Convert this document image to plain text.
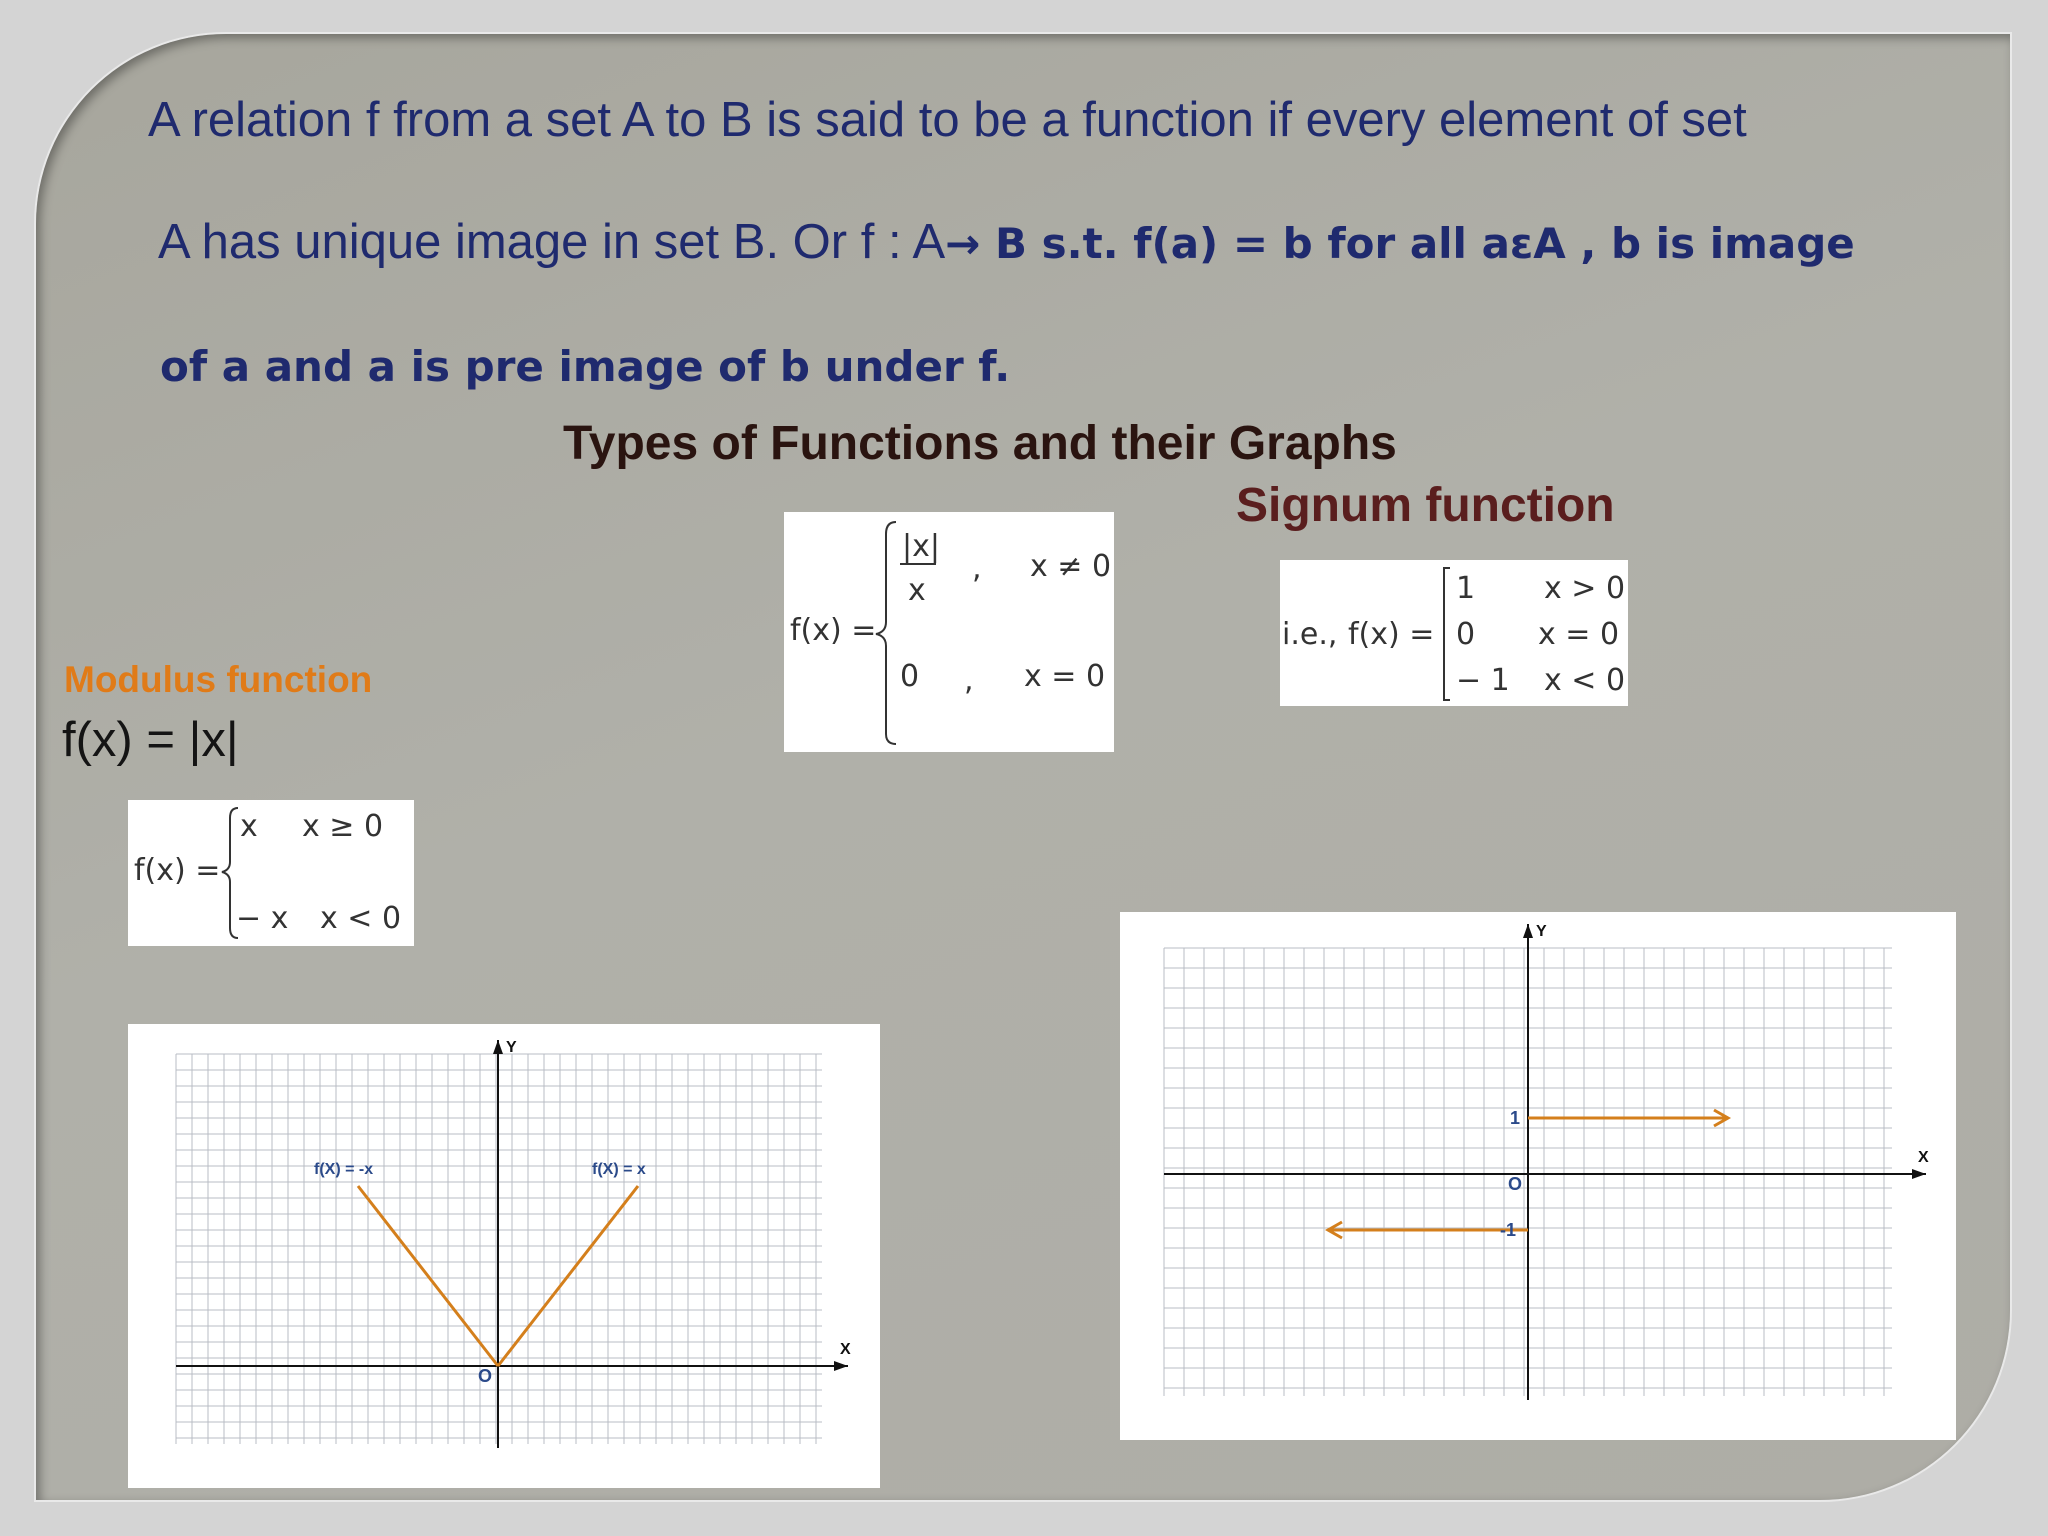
A relation f from a set A to B is said to be a function if every element of set
A has unique image in set B. Or f : A→ B s.t. f(a) = b for all aεA , b is image
of a and a is pre image of b under f.
Types of Functions and their Graphs
Signum function
Modulus function
f(x) = |x|
f(x) =
|x|
x
, x ≠ 0
0 , x = 0
i.e., f(x) =
1 x > 0
0 x = 0
− 1 x < 0
f(x) =
x x ≥ 0
− x x < 0
X
Y
O
f(X) = -x	f(X) = x
X
Y
O
1
-1
